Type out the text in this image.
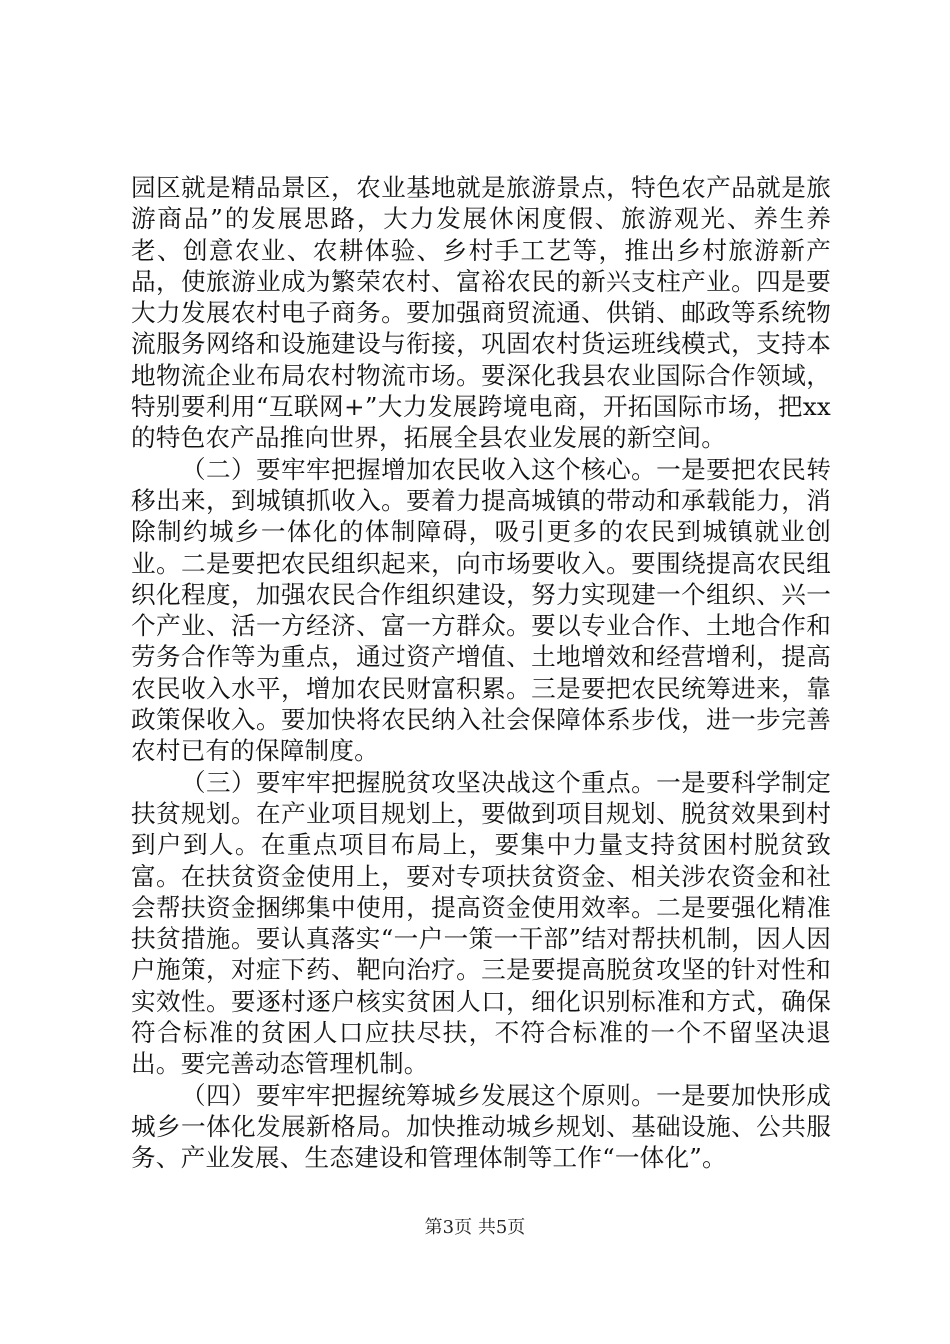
园区就是精品景区，农业基地就是旅游景点，特色农产品就是旅游商品”的发展思路，大力发展休闲度假、旅游观光、养生养老、创意农业、农耕体验、乡村手工艺等，推出乡村旅游新产品，使旅游业成为繁荣农村、富裕农民的新兴支柱产业。四是要大力发展农村电子商务。要加强商贸流通、供销、邮政等系统物流服务网络和设施建设与衔接，巩固农村货运班线模式，支持本地物流企业布局农村物流市场。要深化我县农业国际合作领域，特别要利用“互联网+”大力发展跨境电商，开拓国际市场，把xx的特色农产品推向世界，拓展全县农业发展的新空间。

（二）要牢牢把握增加农民收入这个核心。一是要把农民转移出来，到城镇抓收入。要着力提高城镇的带动和承载能力，消除制约城乡一体化的体制障碍，吸引更多的农民到城镇就业创业。二是要把农民组织起来，向市场要收入。要围绕提高农民组织化程度，加强农民合作组织建设，努力实现建一个组织、兴一个产业、活一方经济、富一方群众。要以专业合作、土地合作和劳务合作等为重点，通过资产增值、土地增效和经营增利，提高农民收入水平，增加农民财富积累。三是要把农民统筹进来，靠政策保收入。要加快将农民纳入社会保障体系步伐，进一步完善农村已有的保障制度。

（三）要牢牢把握脱贫攻坚决战这个重点。一是要科学制定扶贫规划。在产业项目规划上，要做到项目规划、脱贫效果到村到户到人。在重点项目布局上，要集中力量支持贫困村脱贫致富。在扶贫资金使用上，要对专项扶贫资金、相关涉农资金和社会帮扶资金捆绑集中使用，提高资金使用效率。二是要强化精准扶贫措施。要认真落实“一户一策一干部”结对帮扶机制，因人因户施策，对症下药、靶向治疗。三是要提高脱贫攻坚的针对性和实效性。要逐村逐户核实贫困人口，细化识别标准和方式，确保符合标准的贫困人口应扶尽扶，不符合标准的一个不留坚决退出。要完善动态管理机制。

（四）要牢牢把握统筹城乡发展这个原则。一是要加快形成城乡一体化发展新格局。加快推动城乡规划、基础设施、公共服务、产业发展、生态建设和管理体制等工作“一体化”。

第3页 共5页
